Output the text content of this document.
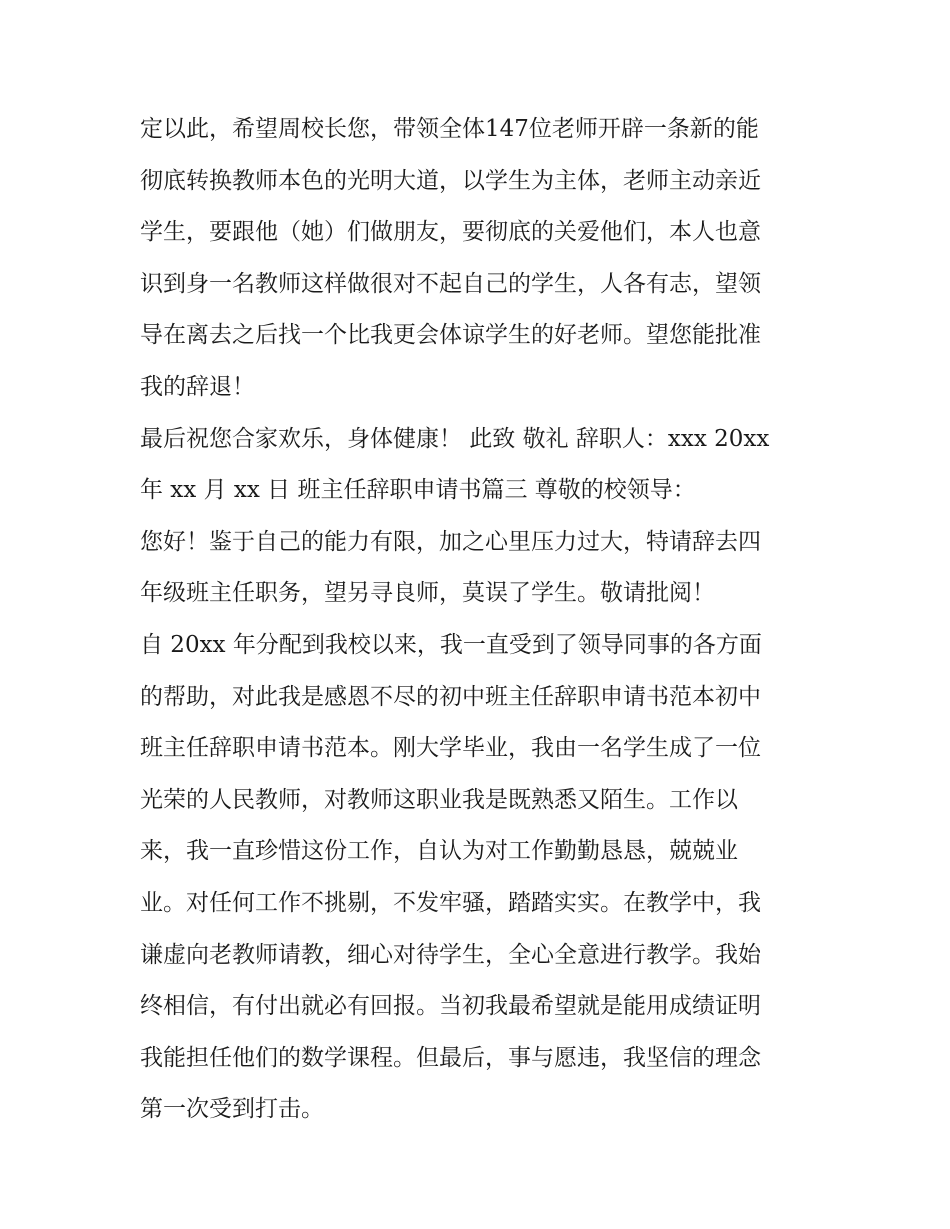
定以此，希望周校长您，带领全体147位老师开辟一条新的能
彻底转换教师本色的光明大道，以学生为主体，老师主动亲近
学生，要跟他（她）们做朋友，要彻底的关爱他们，本人也意
识到身一名教师这样做很对不起自己的学生，人各有志，望领
导在离去之后找一个比我更会体谅学生的好老师。望您能批准
我的辞退！
最后祝您合家欢乐，身体健康！ 此致 敬礼 辞职人：xxx 20xx
年 xx 月 xx 日 班主任辞职申请书篇三 尊敬的校领导：
您好！鉴于自己的能力有限，加之心里压力过大，特请辞去四
年级班主任职务，望另寻良师，莫误了学生。敬请批阅！
自 20xx 年分配到我校以来，我一直受到了领导同事的各方面
的帮助，对此我是感恩不尽的初中班主任辞职申请书范本初中
班主任辞职申请书范本。刚大学毕业，我由一名学生成了一位
光荣的人民教师，对教师这职业我是既熟悉又陌生。工作以
来，我一直珍惜这份工作，自认为对工作勤勤恳恳，兢兢业
业。对任何工作不挑剔，不发牢骚，踏踏实实。在教学中，我
谦虚向老教师请教，细心对待学生，全心全意进行教学。我始
终相信，有付出就必有回报。当初我最希望就是能用成绩证明
我能担任他们的数学课程。但最后，事与愿违，我坚信的理念
第一次受到打击。
